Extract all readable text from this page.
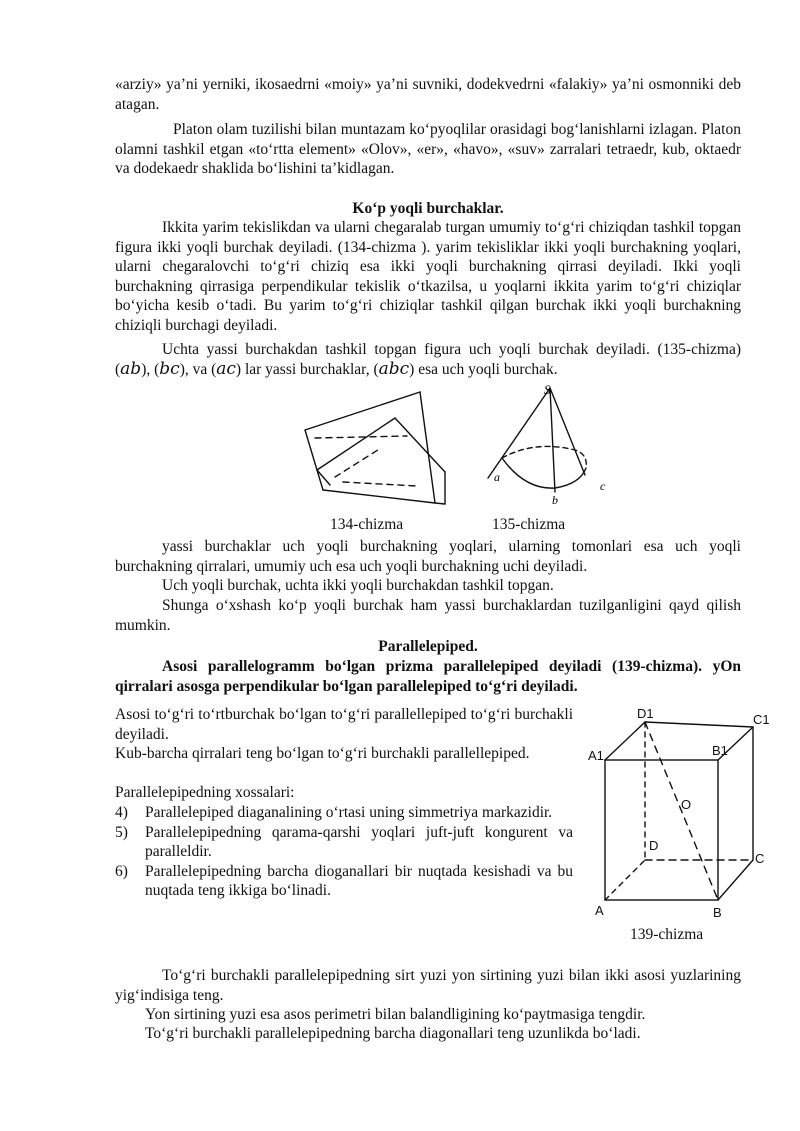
«arziy» ya’ni yerniki, ikosaedrni «moiy» ya’ni suvniki, dodekvedrni «falakiy» ya’ni osmonniki deb atagan.
Platon olam tuzilishi bilan muntazam ko‘pyoqlilar orasidagi bog‘lanishlarni izlagan. Platon olamni tashkil etgan «to‘rtta element» «Olov», «er», «havo», «suv» zarralari tetraedr, kub, oktaedr va dodekaedr shaklida bo‘lishini ta’kidlagan.
Ko‘p yoqli burchaklar.
Ikkita yarim tekislikdan va ularni chegaralab turgan umumiy to‘g‘ri chiziqdan tashkil topgan figura ikki yoqli burchak deyiladi. (134-chizma ). yarim tekisliklar ikki yoqli burchakning yoqlari, ularni chegaralovchi to‘g‘ri chiziq esa ikki yoqli burchakning qirrasi deyiladi. Ikki yoqli burchakning qirrasiga perpendikular tekislik o‘tkazilsa, u yoqlarni ikkita yarim to‘g‘ri chiziqlar bo‘yicha kesib o‘tadi. Bu yarim to‘g‘ri chiziqlar tashkil qilgan burchak ikki yoqli burchakning chiziqli burchagi deyiladi.
Uchta yassi burchakdan tashkil topgan figura uch yoqli burchak deyiladi. (135-chizma) (ab), (bc), va (ac) lar yassi burchaklar, (abc) esa uch yoqli burchak.
S
a
b
c
134-chizma	135-chizma
yassi burchaklar uch yoqli burchakning yoqlari, ularning tomonlari esa uch yoqli burchakning qirralari, umumiy uch esa uch yoqli burchakning uchi deyiladi.
Uch yoqli burchak, uchta ikki yoqli burchakdan tashkil topgan.
Shunga o‘xshash ko‘p yoqli burchak ham yassi burchaklardan tuzilganligini qayd qilish mumkin.
Parallelepiped.
Asosi parallelogramm bo‘lgan prizma parallelepiped deyiladi (139-chizma). yOn qirralari asosga perpendikular bo‘lgan parallelepiped to‘g‘ri deyiladi.
Asosi to‘g‘ri to‘rtburchak bo‘lgan to‘g‘ri parallellepiped to‘g‘ri burchakli deyiladi.
Kub-barcha qirralari teng bo‘lgan to‘g‘ri burchakli parallellepiped.
Parallelepipedning xossalari:
4)	Parallelepiped diaganalining o‘rtasi uning simmetriya markazidir.
5)	Parallelepipedning qarama-qarshi yoqlari juft-juft kongurent va paralleldir.
6)	Parallelepipedning barcha dioganallari bir nuqtada kesishadi va bu nuqtada teng ikkiga bo‘linadi.
D1	C1
A1	B1
O
D
C
A	B
139-chizma
To‘g‘ri burchakli parallelepipedning sirt yuzi yon sirtining yuzi bilan ikki asosi yuzlarining yig‘indisiga teng.
Yon sirtining yuzi esa asos perimetri bilan balandligining ko‘paytmasiga tengdir.
To‘g‘ri burchakli parallelepipedning barcha diagonallari teng uzunlikda bo‘ladi.
